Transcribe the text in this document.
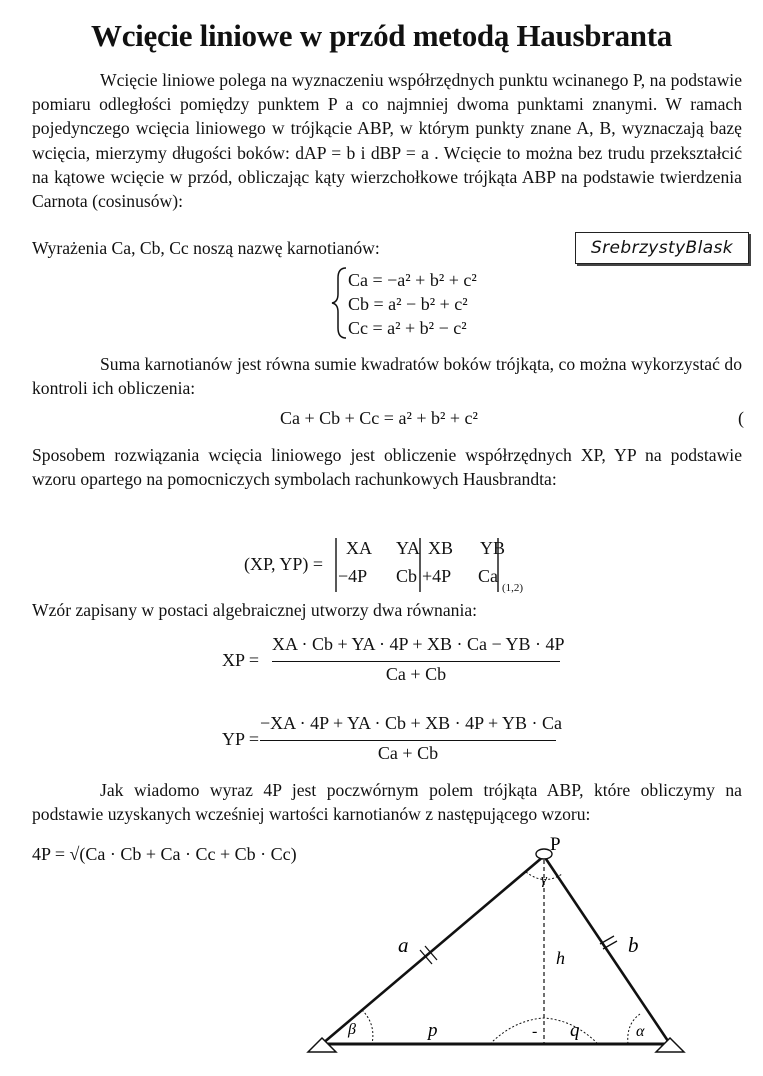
Wcięcie liniowe w przód metodą Hausbranta

Wcięcie liniowe polega na wyznaczeniu współrzędnych punktu wcinanego P, na podstawie pomiaru odległości pomiędzy punktem P a co najmniej dwoma punktami znanymi. W ramach pojedynczego wcięcia liniowego w trójkącie ABP, w którym punkty znane A, B, wyznaczają bazę wcięcia, mierzymy długości boków: dAP = b i dBP = a . Wcięcie to można bez trudu przekształcić na kątowe wcięcie w przód, obliczając kąty wierzchołkowe trójkąta ABP na podstawie twierdzenia Carnota (cosinusów):

Wyrażenia Ca, Cb, Cc noszą nazwę karnotianów:	SrebrzystyBlask
Ca = −a² + b² + c²
Cb = a² − b² + c²
Cc = a² + b² − c²

Suma karnotianów jest równa sumie kwadratów boków trójkąta, co można wykorzystać do kontroli ich obliczenia:

Ca + Cb + Cc = a² + b² + c²	(

Sposobem rozwiązania wcięcia liniowego jest obliczenie współrzędnych XP, YP na podstawie wzoru opartego na pomocniczych symbolach rachunkowych Hausbrandta:

(XP, YP) =
XA YA XB YB
−4P Cb +4P Ca
(1,2)

Wzór zapisany w postaci algebraicznej utworzy dwa równania:

XP =
XA · Cb + YA · 4P + XB · Ca − YB · 4P
Ca + Cb
YP =
−XA · 4P + YA · Cb + XB · 4P + YB · Ca
Ca + Cb

Jak wiadomo wyraz 4P jest poczwórnym polem trójkąta ABP, które obliczymy na podstawie uzyskanych wcześniej wartości karnotianów z następującego wzoru:

4P = √(Ca · Cb + Ca · Cc + Cb · Cc)
-
P
a	b
h
p	q
γ
β	α
